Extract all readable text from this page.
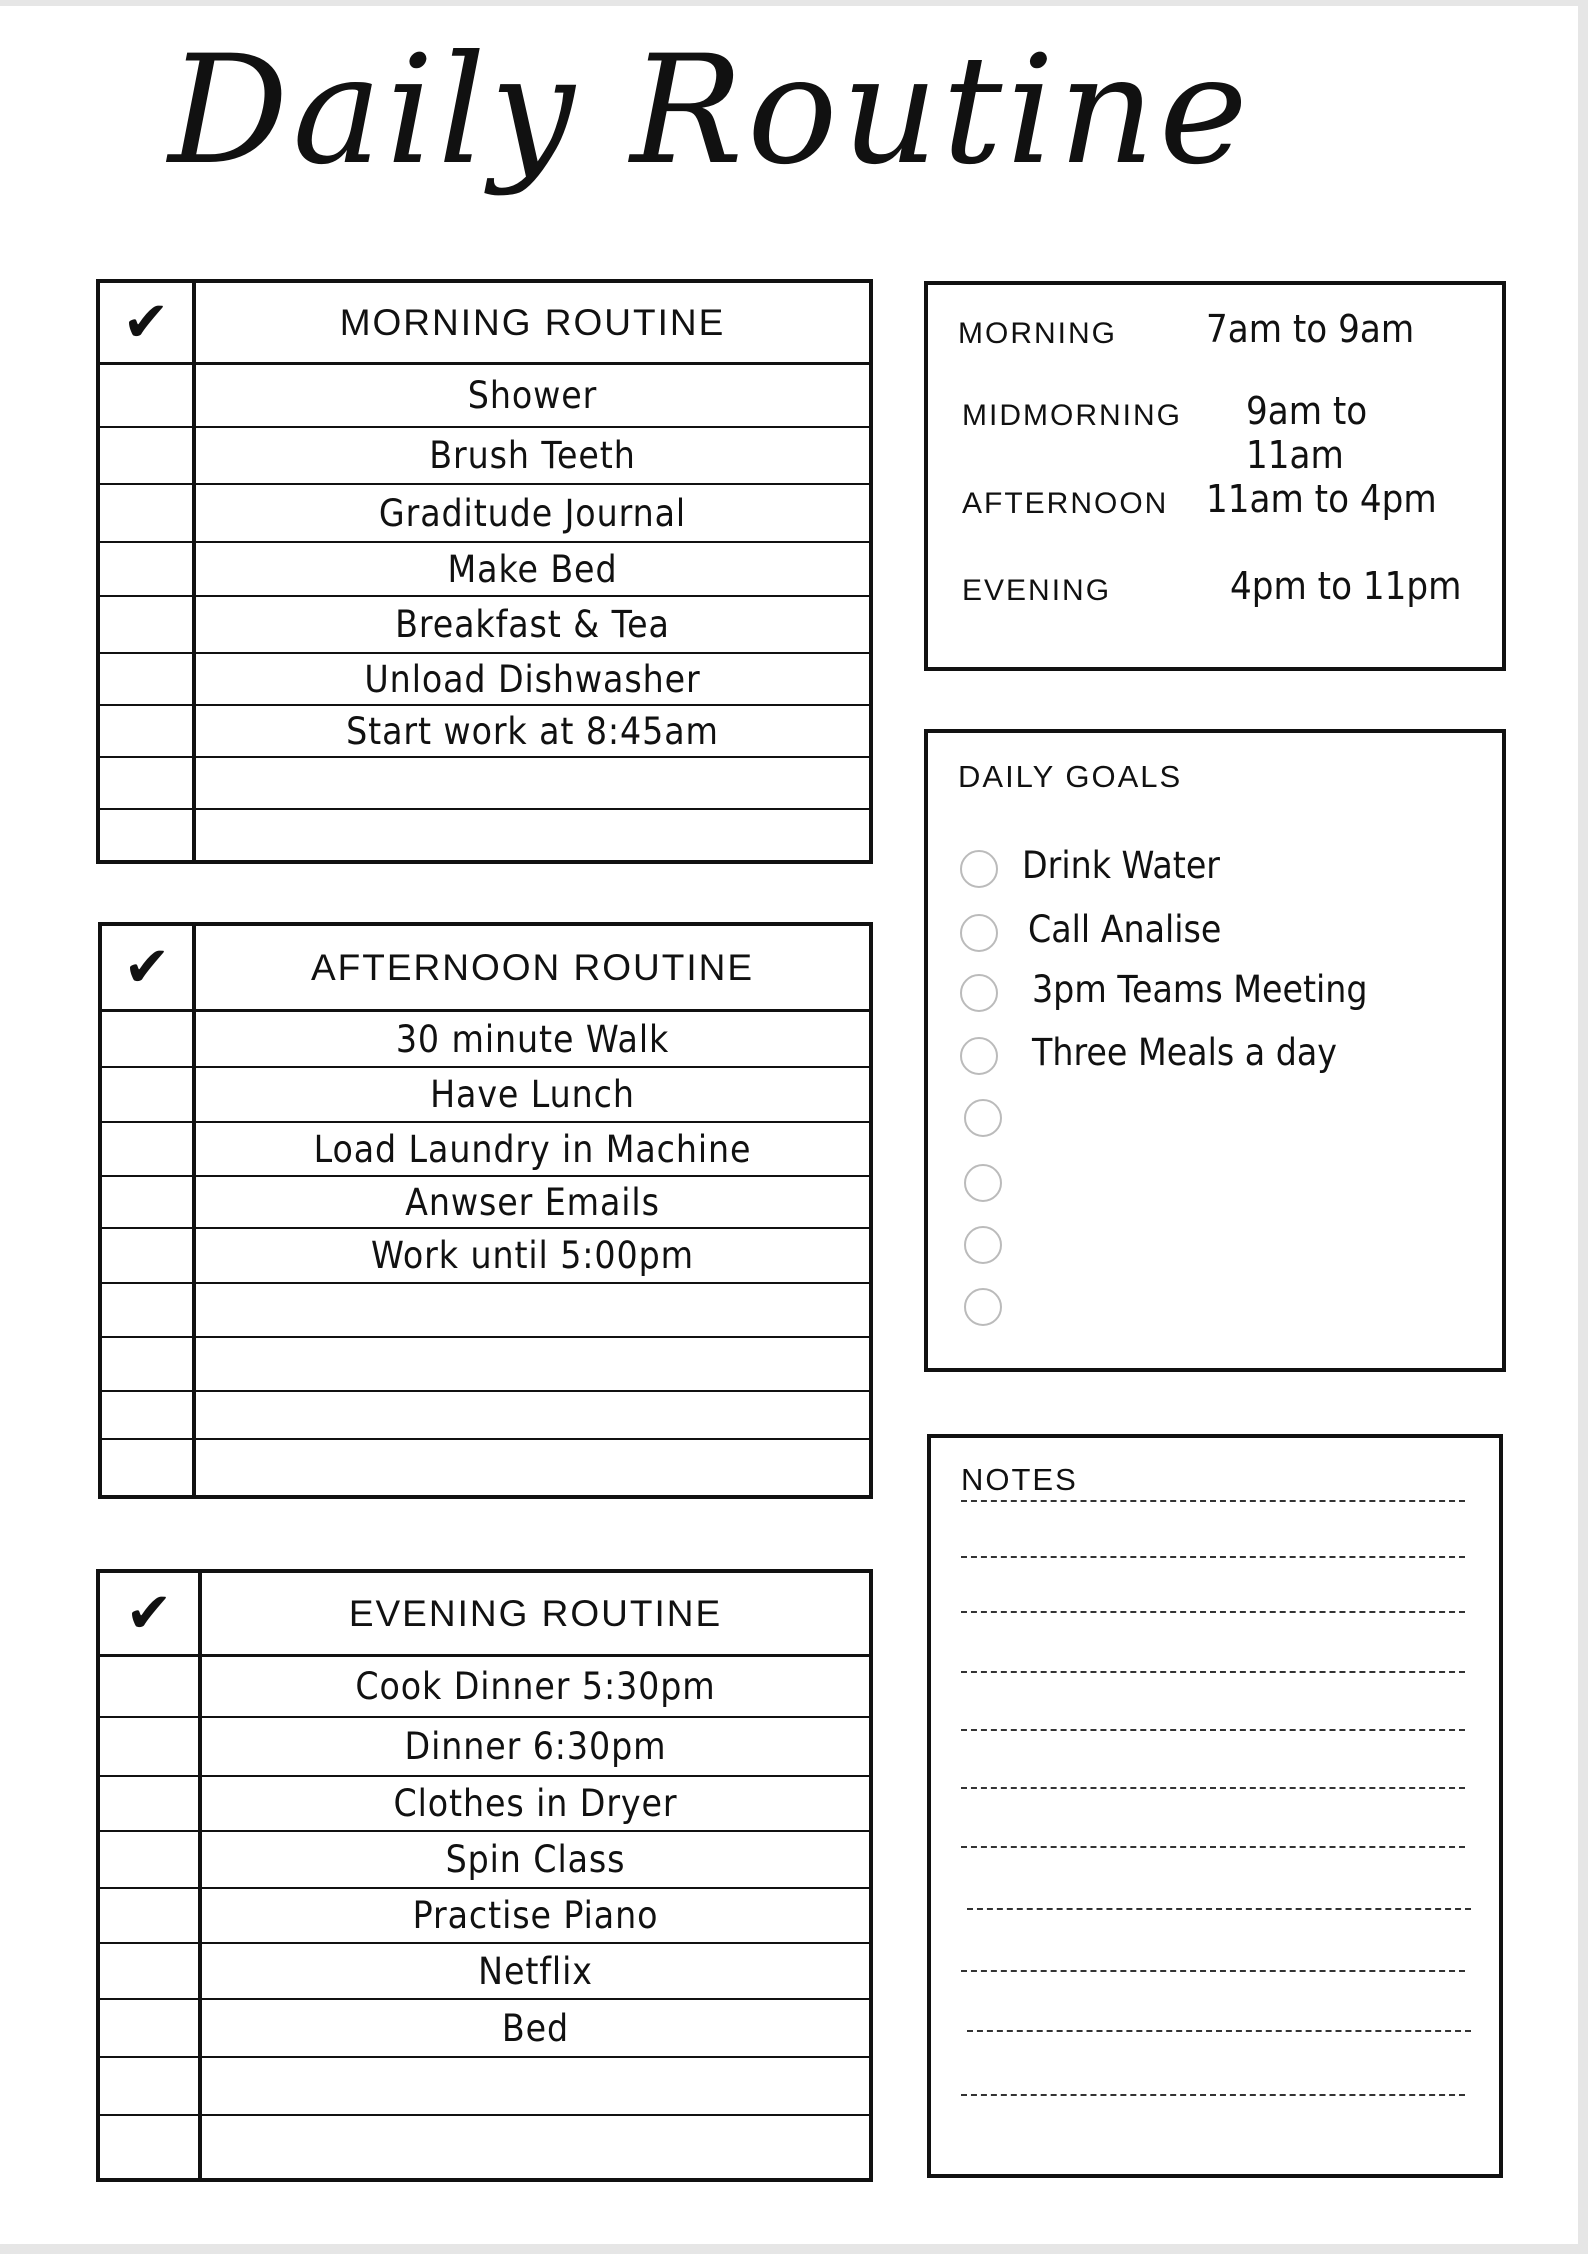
Daily Routine
✔	MORNING ROUTINE
Shower
Brush Teeth
Graditude Journal
Make Bed
Breakfast & Tea
Unload Dishwasher
Start work at 8:45am
✔	AFTERNOON ROUTINE
30 minute Walk
Have Lunch
Load Laundry in Machine
Anwser Emails
Work until 5:00pm
✔	EVENING ROUTINE
Cook Dinner 5:30pm
Dinner 6:30pm
Clothes in Dryer
Spin Class
Practise Piano
Netflix
Bed
MORNING 7am to 9am
MIDMORNING 9am to 11am
AFTERNOON 11am to 4pm
EVENING	4pm to 11pm
DAILY GOALS
Drink Water
Call Analise
3pm Teams Meeting
Three Meals a day
NOTES
